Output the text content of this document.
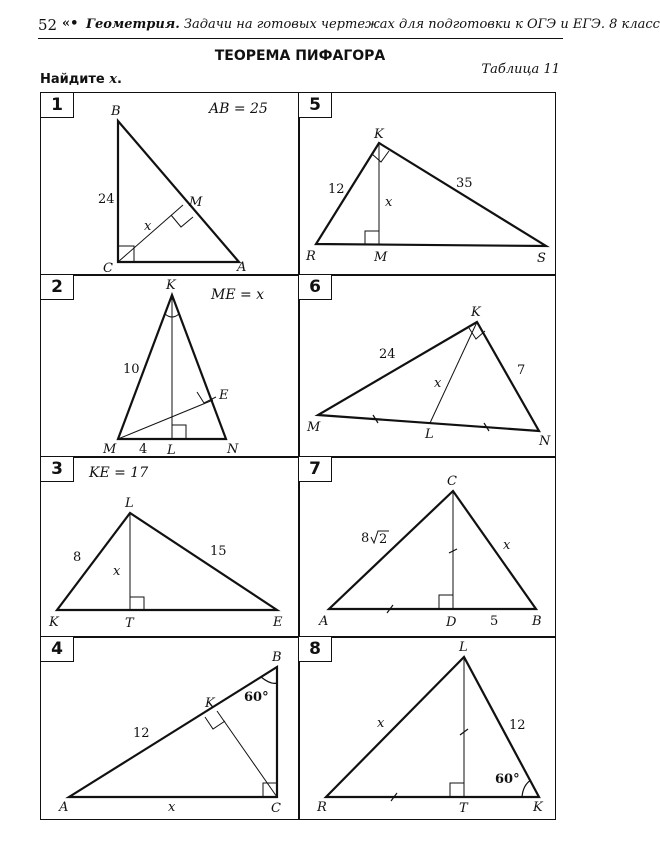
52 «• Геометрия. Задачи на готовых чертежах для подготовки к ОГЭ и ЕГЭ. 8 класс
ТЕОРЕМА ПИФАГОРА
Таблица 11
Найдите x.
B
C	A
M
24
x
1	AB = 25
K
R	M	S
12	35
x
5
K
M	L	N
E
10
4
2	ME = x
K
M	L	N
24
7
x
6
L
K	T	E
8	15
x
3	KE = 17
C
A	D	B
8 2
5
x
7
A
B
C
K
12
x
60°
4	L
R	T	K
12
x
60°
8
